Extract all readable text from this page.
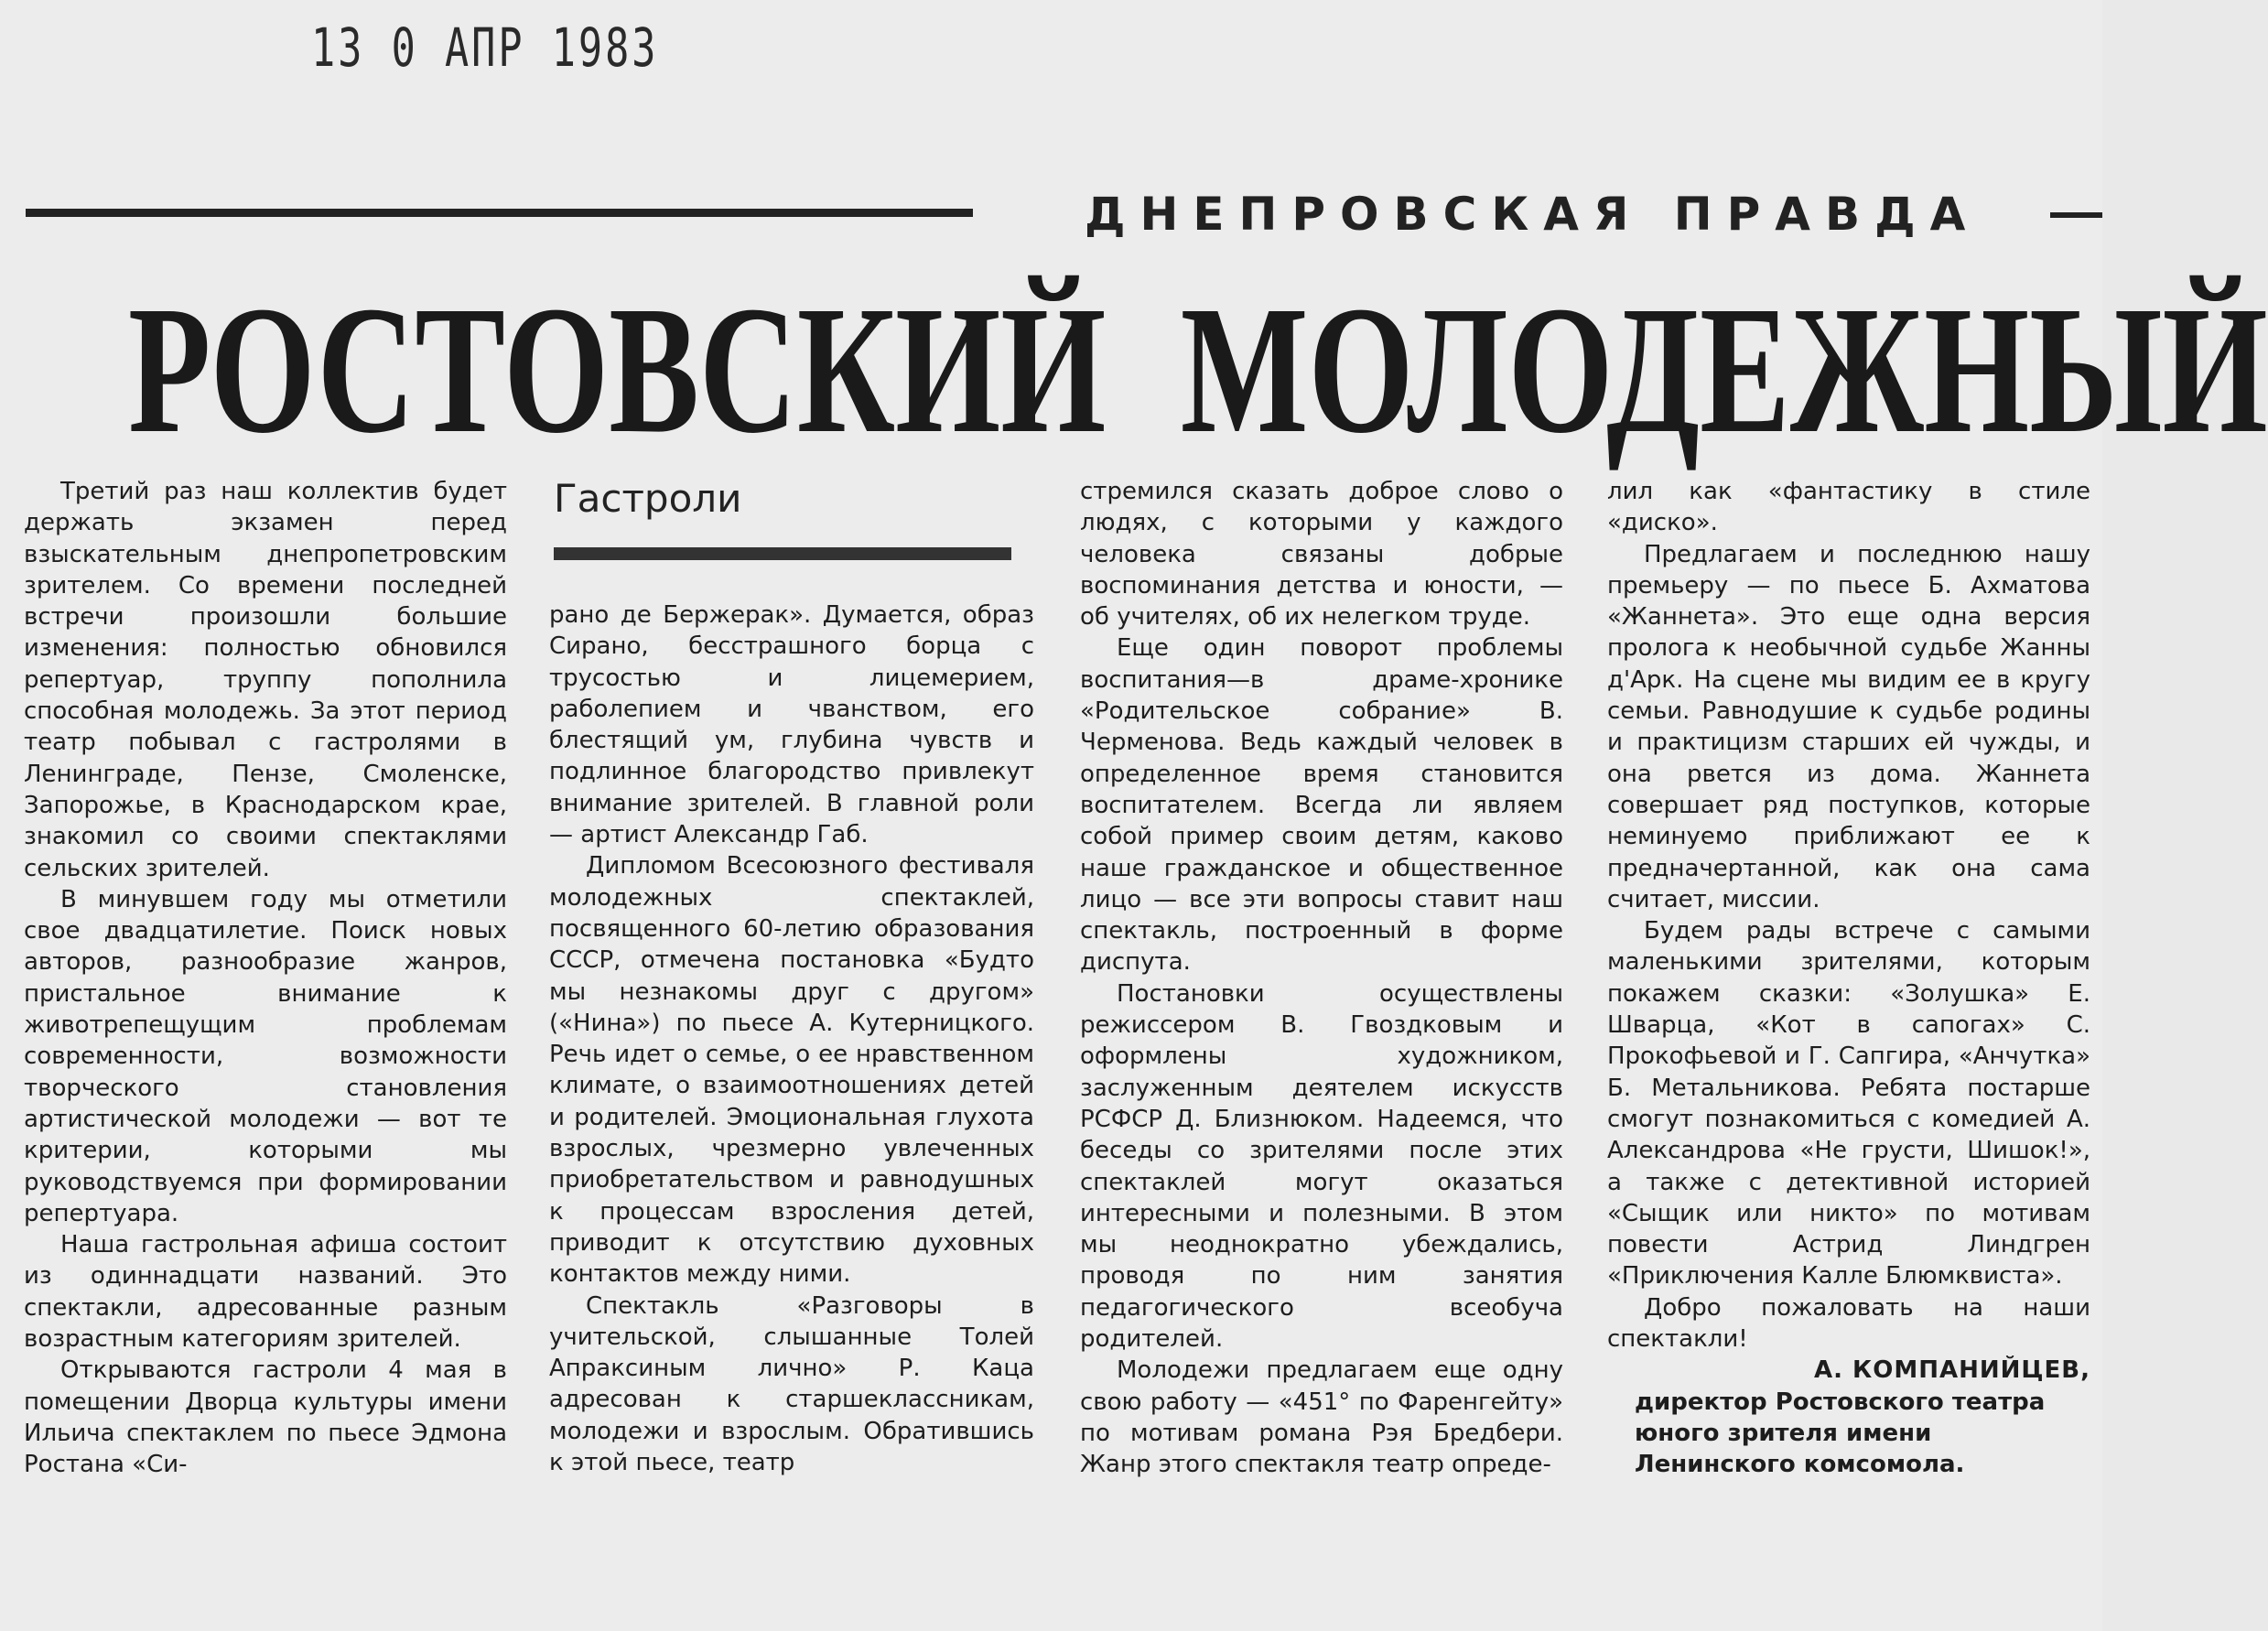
13 0 АПР 1983
ДНЕПРОВСКАЯ ПРАВДА
РОСТОВСКИЙ МОЛОДЕЖНЫЙ
Гастроли

Третий раз наш коллектив будет держать экзамен перед взыскательным днепропетровским зрителем. Со времени последней встречи произошли большие изменения: полностью обновился репертуар, труппу пополнила способная молодежь. За этот период театр побывал с гастролями в Ленинграде, Пензе, Смоленске, Запорожье, в Краснодарском крае, знакомил со своими спектаклями сельских зрителей.

В минувшем году мы отметили свое двадцатилетие. Поиск новых авторов, разнообразие жанров, пристальное внимание к животрепещущим проблемам современности, возможности творческого становления артистической молодежи — вот те критерии, которыми мы руководствуемся при формировании репертуара.

Наша гастрольная афиша состоит из одиннадцати названий. Это спектакли, адресованные разным возрастным категориям зрителей.

Открываются гастроли 4 мая в помещении Дворца культуры имени Ильича спектаклем по пьесе Эдмона Ростана «Си-

рано де Бержерак». Думается, образ Сирано, бесстрашного борца с трусостью и лицемерием, раболепием и чванством, его блестящий ум, глубина чувств и подлинное благородство привлекут внимание зрителей. В главной роли — артист Александр Габ.

Дипломом Всесоюзного фестиваля молодежных спектаклей, посвященного 60-летию образования СССР, отмечена постановка «Будто мы незнакомы друг с другом» («Нина») по пьесе А. Кутерницкого. Речь идет о семье, о ее нравственном климате, о взаимоотношениях детей и родителей. Эмоциональная глухота взрослых, чрезмерно увлеченных приобретательством и равнодушных к процессам взросления детей, приводит к отсутствию духовных контактов между ними.

Спектакль «Разговоры в учительской, слышанные Толей Апраксиным лично» Р. Каца адресован к старшеклассникам, молодежи и взрослым. Обратившись к этой пьесе, театр

стремился сказать доброе слово о людях, с которыми у каждого человека связаны добрые воспоминания детства и юности, — об учителях, об их нелегком труде.

Еще один поворот проблемы воспитания—в драме-хронике «Родительское собрание» В. Черменова. Ведь каждый человек в определенное время становится воспитателем. Всегда ли являем собой пример своим детям, каково наше гражданское и общественное лицо — все эти вопросы ставит наш спектакль, построенный в форме диспута.

Постановки осуществлены режиссером В. Гвоздковым и оформлены художником, заслуженным деятелем искусств РСФСР Д. Близнюком. Надеемся, что беседы со зрителями после этих спектаклей могут оказаться интересными и полезными. В этом мы неоднократно убеждались, проводя по ним занятия педагогического всеобуча родителей.

Молодежи предлагаем еще одну свою работу — «451° по Фаренгейту» по мотивам романа Рэя Бредбери. Жанр этого спектакля театр опреде-

лил как «фантастику в стиле «диско».

Предлагаем и последнюю нашу премьеру — по пьесе Б. Ахматова «Жаннета». Это еще одна версия пролога к необычной судьбе Жанны д'Арк. На сцене мы видим ее в кругу семьи. Равнодушие к судьбе родины и практицизм старших ей чужды, и она рвется из дома. Жаннета совершает ряд поступков, которые неминуемо приближают ее к предначертанной, как она сама считает, миссии.

Будем рады встрече с самыми маленькими зрителями, которым покажем сказки: «Золушка» Е. Шварца, «Кот в сапогах» С. Прокофьевой и Г. Сапгира, «Анчутка» Б. Метальникова. Ребята постарше смогут познакомиться с комедией А. Александрова «Не грусти, Шишок!», а также с детективной историей «Сыщик или никто» по мотивам повести Астрид Линдгрен «Приключения Калле Блюмквиста».

Добро пожаловать на наши спектакли!

А. КОМПАНИЙЦЕВ,
директор Ростовского театра юного зрителя имени Ленинского комсомола.
